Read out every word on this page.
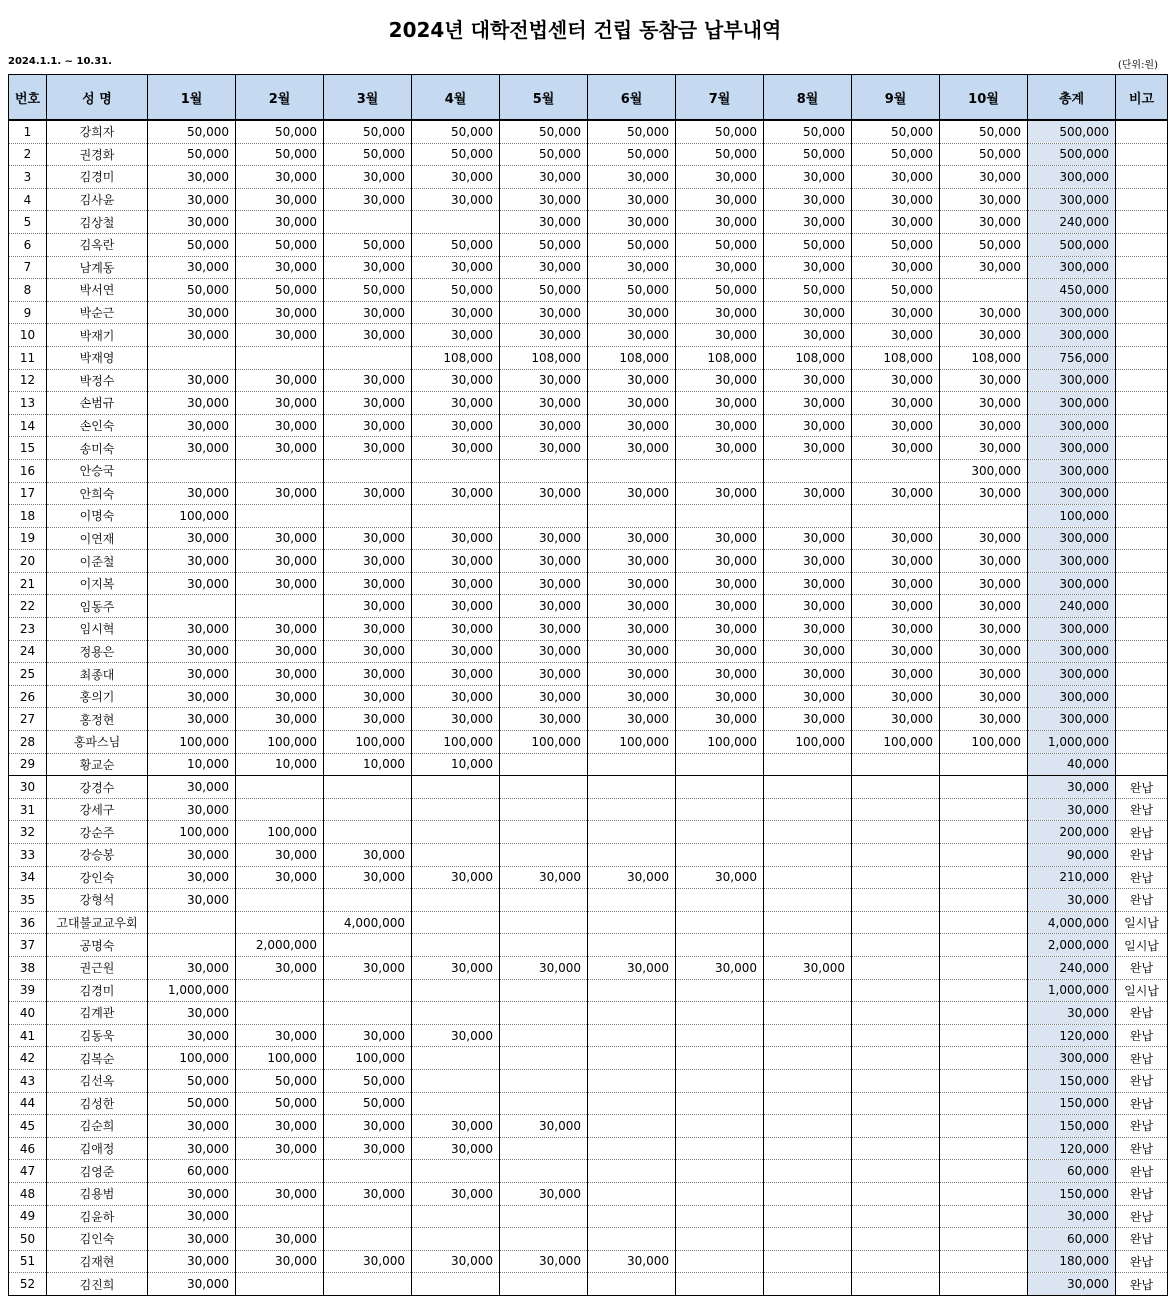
2024년 대학전법센터 건립 동참금 납부내역
2024.1.1. ~ 10.31.	(단위:원)
번호	성 명	1월	2월	3월	4월	5월	6월	7월	8월	9월	10월	총계	비고
1	강희자	50,000	50,000	50,000	50,000	50,000	50,000	50,000	50,000	50,000	50,000	500,000	
2	권경화	50,000	50,000	50,000	50,000	50,000	50,000	50,000	50,000	50,000	50,000	500,000	
3	김경미	30,000	30,000	30,000	30,000	30,000	30,000	30,000	30,000	30,000	30,000	300,000	
4	김사윤	30,000	30,000	30,000	30,000	30,000	30,000	30,000	30,000	30,000	30,000	300,000	
5	김상철	30,000	30,000			30,000	30,000	30,000	30,000	30,000	30,000	240,000	
6	김옥란	50,000	50,000	50,000	50,000	50,000	50,000	50,000	50,000	50,000	50,000	500,000	
7	남계동	30,000	30,000	30,000	30,000	30,000	30,000	30,000	30,000	30,000	30,000	300,000	
8	박서연	50,000	50,000	50,000	50,000	50,000	50,000	50,000	50,000	50,000		450,000	
9	박순근	30,000	30,000	30,000	30,000	30,000	30,000	30,000	30,000	30,000	30,000	300,000	
10	박재기	30,000	30,000	30,000	30,000	30,000	30,000	30,000	30,000	30,000	30,000	300,000	
11	박재영				108,000	108,000	108,000	108,000	108,000	108,000	108,000	756,000	
12	박정수	30,000	30,000	30,000	30,000	30,000	30,000	30,000	30,000	30,000	30,000	300,000	
13	손범규	30,000	30,000	30,000	30,000	30,000	30,000	30,000	30,000	30,000	30,000	300,000	
14	손인숙	30,000	30,000	30,000	30,000	30,000	30,000	30,000	30,000	30,000	30,000	300,000	
15	송미숙	30,000	30,000	30,000	30,000	30,000	30,000	30,000	30,000	30,000	30,000	300,000	
16	안승국										300,000	300,000	
17	안희숙	30,000	30,000	30,000	30,000	30,000	30,000	30,000	30,000	30,000	30,000	300,000	
18	이명숙	100,000										100,000	
19	이연재	30,000	30,000	30,000	30,000	30,000	30,000	30,000	30,000	30,000	30,000	300,000	
20	이준철	30,000	30,000	30,000	30,000	30,000	30,000	30,000	30,000	30,000	30,000	300,000	
21	이지복	30,000	30,000	30,000	30,000	30,000	30,000	30,000	30,000	30,000	30,000	300,000	
22	임동주			30,000	30,000	30,000	30,000	30,000	30,000	30,000	30,000	240,000	
23	임시혁	30,000	30,000	30,000	30,000	30,000	30,000	30,000	30,000	30,000	30,000	300,000	
24	정용은	30,000	30,000	30,000	30,000	30,000	30,000	30,000	30,000	30,000	30,000	300,000	
25	최종대	30,000	30,000	30,000	30,000	30,000	30,000	30,000	30,000	30,000	30,000	300,000	
26	홍의기	30,000	30,000	30,000	30,000	30,000	30,000	30,000	30,000	30,000	30,000	300,000	
27	홍정현	30,000	30,000	30,000	30,000	30,000	30,000	30,000	30,000	30,000	30,000	300,000	
28	홍파스님	100,000	100,000	100,000	100,000	100,000	100,000	100,000	100,000	100,000	100,000	1,000,000	
29	황교순	10,000	10,000	10,000	10,000							40,000	
30	강경수	30,000										30,000	완납
31	강세구	30,000										30,000	완납
32	강순주	100,000	100,000									200,000	완납
33	강승봉	30,000	30,000	30,000								90,000	완납
34	강인숙	30,000	30,000	30,000	30,000	30,000	30,000	30,000				210,000	완납
35	강형석	30,000										30,000	완납
36	고대불교교우회			4,000,000								4,000,000	일시납
37	공명숙		2,000,000									2,000,000	일시납
38	권근원	30,000	30,000	30,000	30,000	30,000	30,000	30,000	30,000			240,000	완납
39	김경미	1,000,000										1,000,000	일시납
40	김계관	30,000										30,000	완납
41	김동욱	30,000	30,000	30,000	30,000							120,000	완납
42	김복순	100,000	100,000	100,000								300,000	완납
43	김선옥	50,000	50,000	50,000								150,000	완납
44	김성한	50,000	50,000	50,000								150,000	완납
45	김순희	30,000	30,000	30,000	30,000	30,000						150,000	완납
46	김애정	30,000	30,000	30,000	30,000							120,000	완납
47	김영준	60,000										60,000	완납
48	김용범	30,000	30,000	30,000	30,000	30,000						150,000	완납
49	김윤하	30,000										30,000	완납
50	김인숙	30,000	30,000									60,000	완납
51	김재현	30,000	30,000	30,000	30,000	30,000	30,000					180,000	완납
52	김진희	30,000										30,000	완납
